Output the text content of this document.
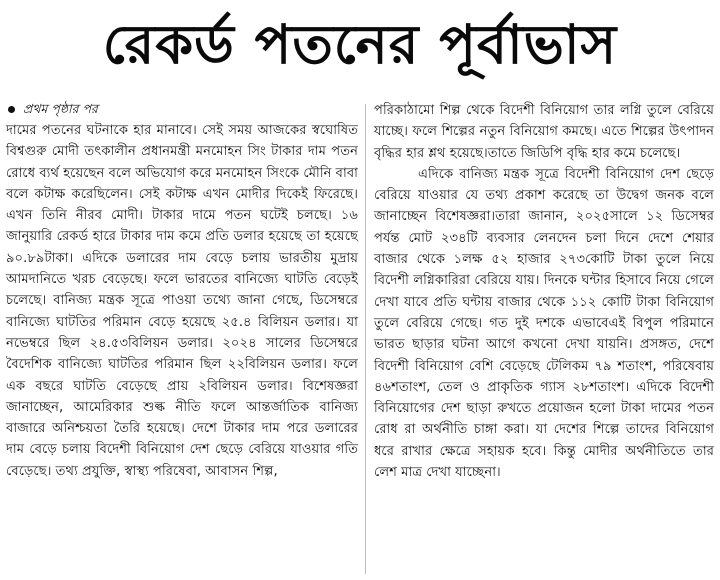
রেকর্ড পতনের পূর্বাভাস
প্রথম পৃষ্ঠার পর

দামের পতনের ঘটনাকে হার মানাবে। সেই সময় আজকের স্বঘোষিত বিশ্বগুরু মোদী তৎকালীন প্রধানমন্ত্রী মনমোহন সিং টাকার দাম পতন রোধে ব্যর্থ হয়েছেন বলে অভিযোগ করে মনমোহন সিংকে মৌনি বাবা বলে কটাক্ষ করেছিলেন। সেই কটাক্ষ এখন মোদীর দিকেই ফিরেছে। এখন তিনি নীরব মোদী। টাকার দামে পতন ঘটেই চলছে। ১৬ জানুয়ারি রেকর্ড হারে টাকার দাম কমে প্রতি ডলার হয়েছে তা হয়েছে ৯০.৮৯টাকা। এদিকে ডলারের দাম বেড়ে চলায় ভারতীয় মুদ্রায় আমদানিতে খরচ বেড়েছে। ফলে ভারতের বানিজ্যে ঘাটতি বেড়েই চলেছে। বানিজ্য মন্ত্রক সূত্রে পাওয়া তথ্যে জানা গেছে, ডিসেম্বরে বানিজ্যে ঘাটতির পরিমান বেড়ে হয়েছে ২৫.৪ বিলিয়ন ডলার। যা নভেম্বরে ছিল ২৪.৫৩বিলিয়ন ডলার। ২০২৪ সালের ডিসেম্বরে বৈদেশিক বানিজ্যে ঘাটতির পরিমান ছিল ২২বিলিয়ন ডলার। ফলে এক বছরে ঘাটতি বেড়েছে প্রায় ২বিলিয়ন ডলার। বিশেষজ্ঞরা জানাচ্ছেন, আমেরিকার শুল্ক নীতি ফলে আন্তর্জাতিক বানিজ্য বাজারে অনিশ্চয়তা তৈরি হয়েছে। দেশে টাকার দাম পরে ডলারের দাম বেড়ে চলায় বিদেশী বিনিয়োগ দেশ ছেড়ে বেরিয়ে যাওয়ার গতি বেড়েছে। তথ্য প্রযুক্তি, স্বাস্থ্য পরিষেবা, আবাসন শিল্প,

পরিকাঠামো শিল্প থেকে বিদেশী বিনিয়োগ তার লগ্নি তুলে বেরিয়ে যাচ্ছে। ফলে শিল্পের নতুন বিনিয়োগ কমছে। এতে শিল্পের উৎপাদন বৃদ্ধির হার শ্লথ হয়েছে।তাতে জিডিপি বৃদ্ধি হার কমে চলেছে।

এদিকে বানিজ্য মন্ত্রক সূত্রে বিদেশী বিনিয়োগ দেশ ছেড়ে বেরিয়ে যাওয়ার যে তথ্য প্রকাশ করেছে তা উদ্বেগ জনক বলে জানাচ্ছেন বিশেষজ্ঞরা।তারা জানান, ২০২৫সালে ১২ ডিসেম্বর পর্যন্ত মোট ২৩৪টি ব্যবসার লেনদেন চলা দিনে দেশে শেয়ার বাজার থেকে ১লক্ষ ৫২ হাজার ২৭৩কোটি টাকা তুলে নিয়ে বিদেশী লগ্নিকারিরা বেরিয়ে যায়। দিনকে ঘন্টার হিসাবে নিয়ে গেলে দেখা যাবে প্রতি ঘন্টায় বাজার থেকে ১১২ কোটি টাকা বিনিয়োগ তুলে বেরিয়ে গেছে। গত দুই দশকে এভাবেএই বিপুল পরিমানে ভারত ছাড়ার ঘটনা আগে কখনো দেখা যায়নি। প্রসঙ্গত, দেশে বিদেশী বিনিয়োগ বেশি বেড়েছে টেলিকম ৭৯ শতাংশ, পরিষেবায় ৪৬শতাংশ, তেল ও প্রাকৃতিক গ্যাস ২৮শতাংশ। এদিকে বিদেশী বিনিয়োগের দেশ ছাড়া রুখতে প্রয়োজন হলো টাকা দামের পতন রোধ রা অর্থনীতি চাঙ্গা করা। যা দেশের শিল্পে তাদের বিনিয়োগ ধরে রাখার ক্ষেত্রে সহায়ক হবে। কিন্তু মোদীর অর্থনীতিতে তার লেশ মাত্র দেখা যাচ্ছেনা।
